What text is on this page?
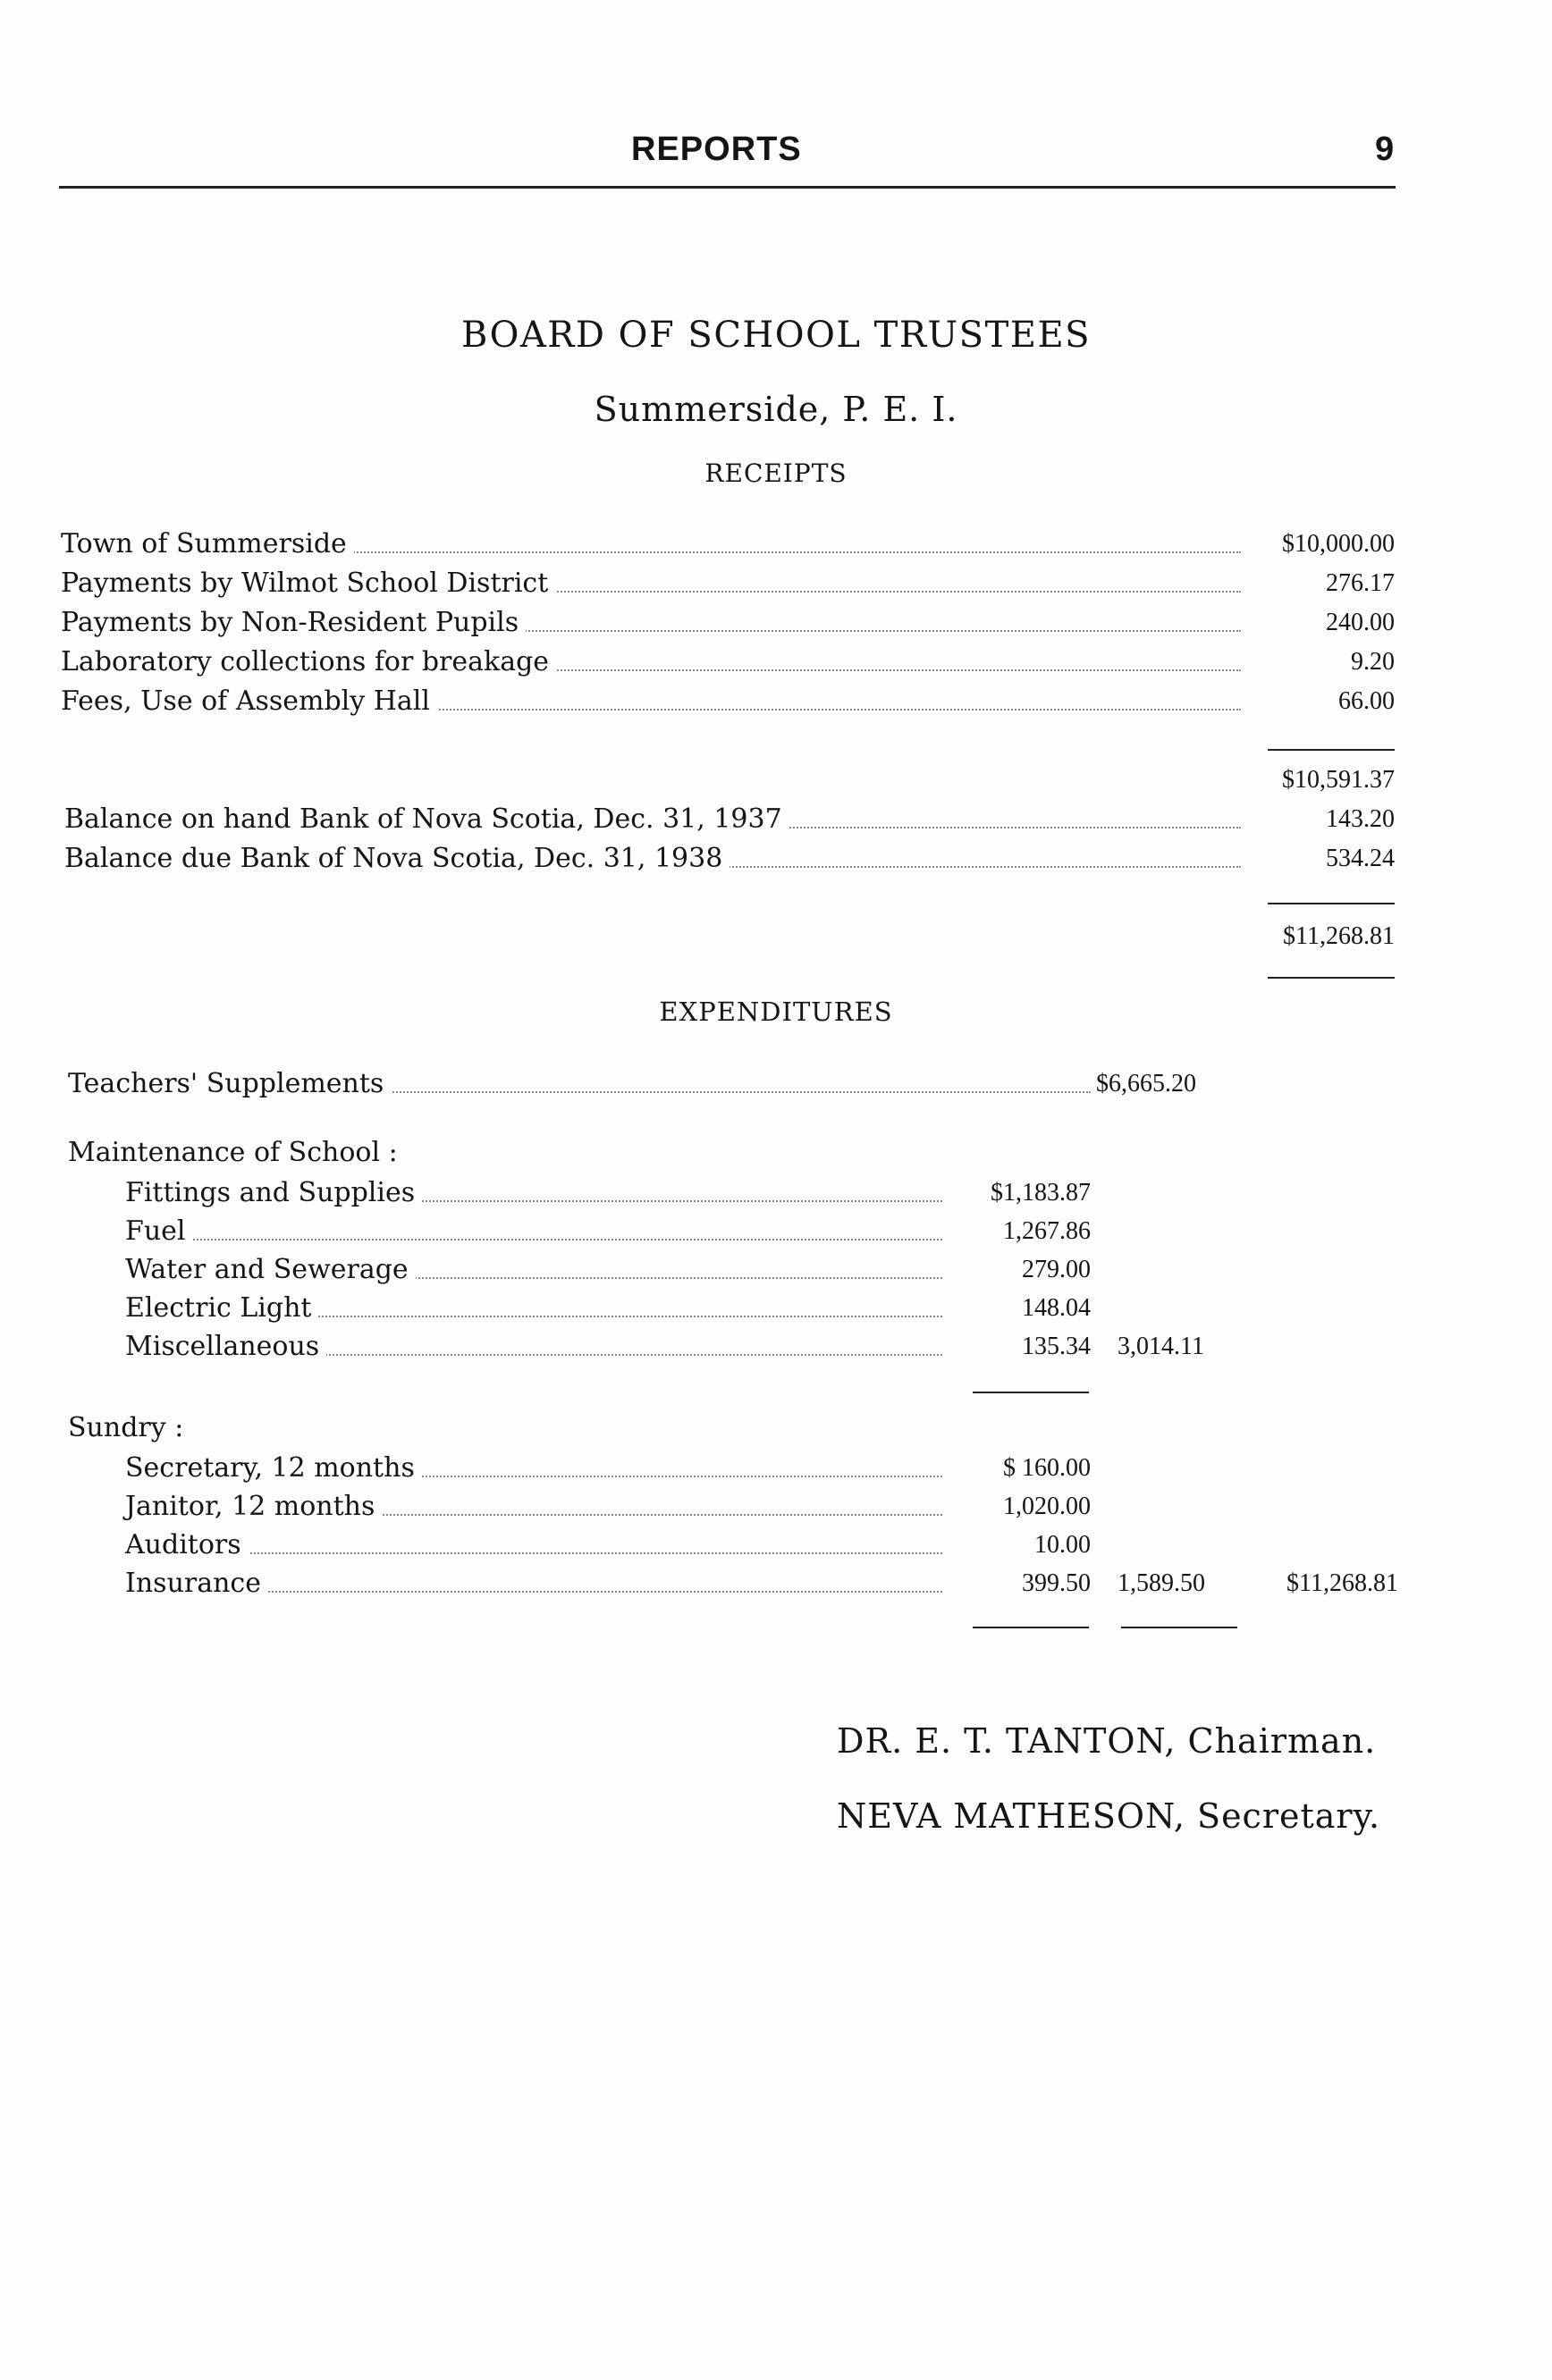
REPORTS	9
BOARD OF SCHOOL TRUSTEES
Summerside, P. E. I.
RECEIPTS
Town of Summerside	$10,000.00
Payments by Wilmot School District	276.17
Payments by Non-Resident Pupils	240.00
Laboratory collections for breakage	9.20
Fees, Use of Assembly Hall	66.00
$10,591.37
Balance on hand Bank of Nova Scotia, Dec. 31, 1937	143.20
Balance due Bank of Nova Scotia, Dec. 31, 1938	534.24
$11,268.81
EXPENDITURES
Teachers' Supplements	$6,665.20
Maintenance of School :
Fittings and Supplies	$1,183.87
Fuel	1,267.86
Water and Sewerage	279.00
Electric Light	148.04
Miscellaneous	135.34 3,014.11
Sundry :
Secretary, 12 months	$ 160.00
Janitor, 12 months	1,020.00
Auditors	10.00
Insurance	399.50 1,589.50	$11,268.81
DR. E. T. TANTON, Chairman.
NEVA MATHESON, Secretary.
